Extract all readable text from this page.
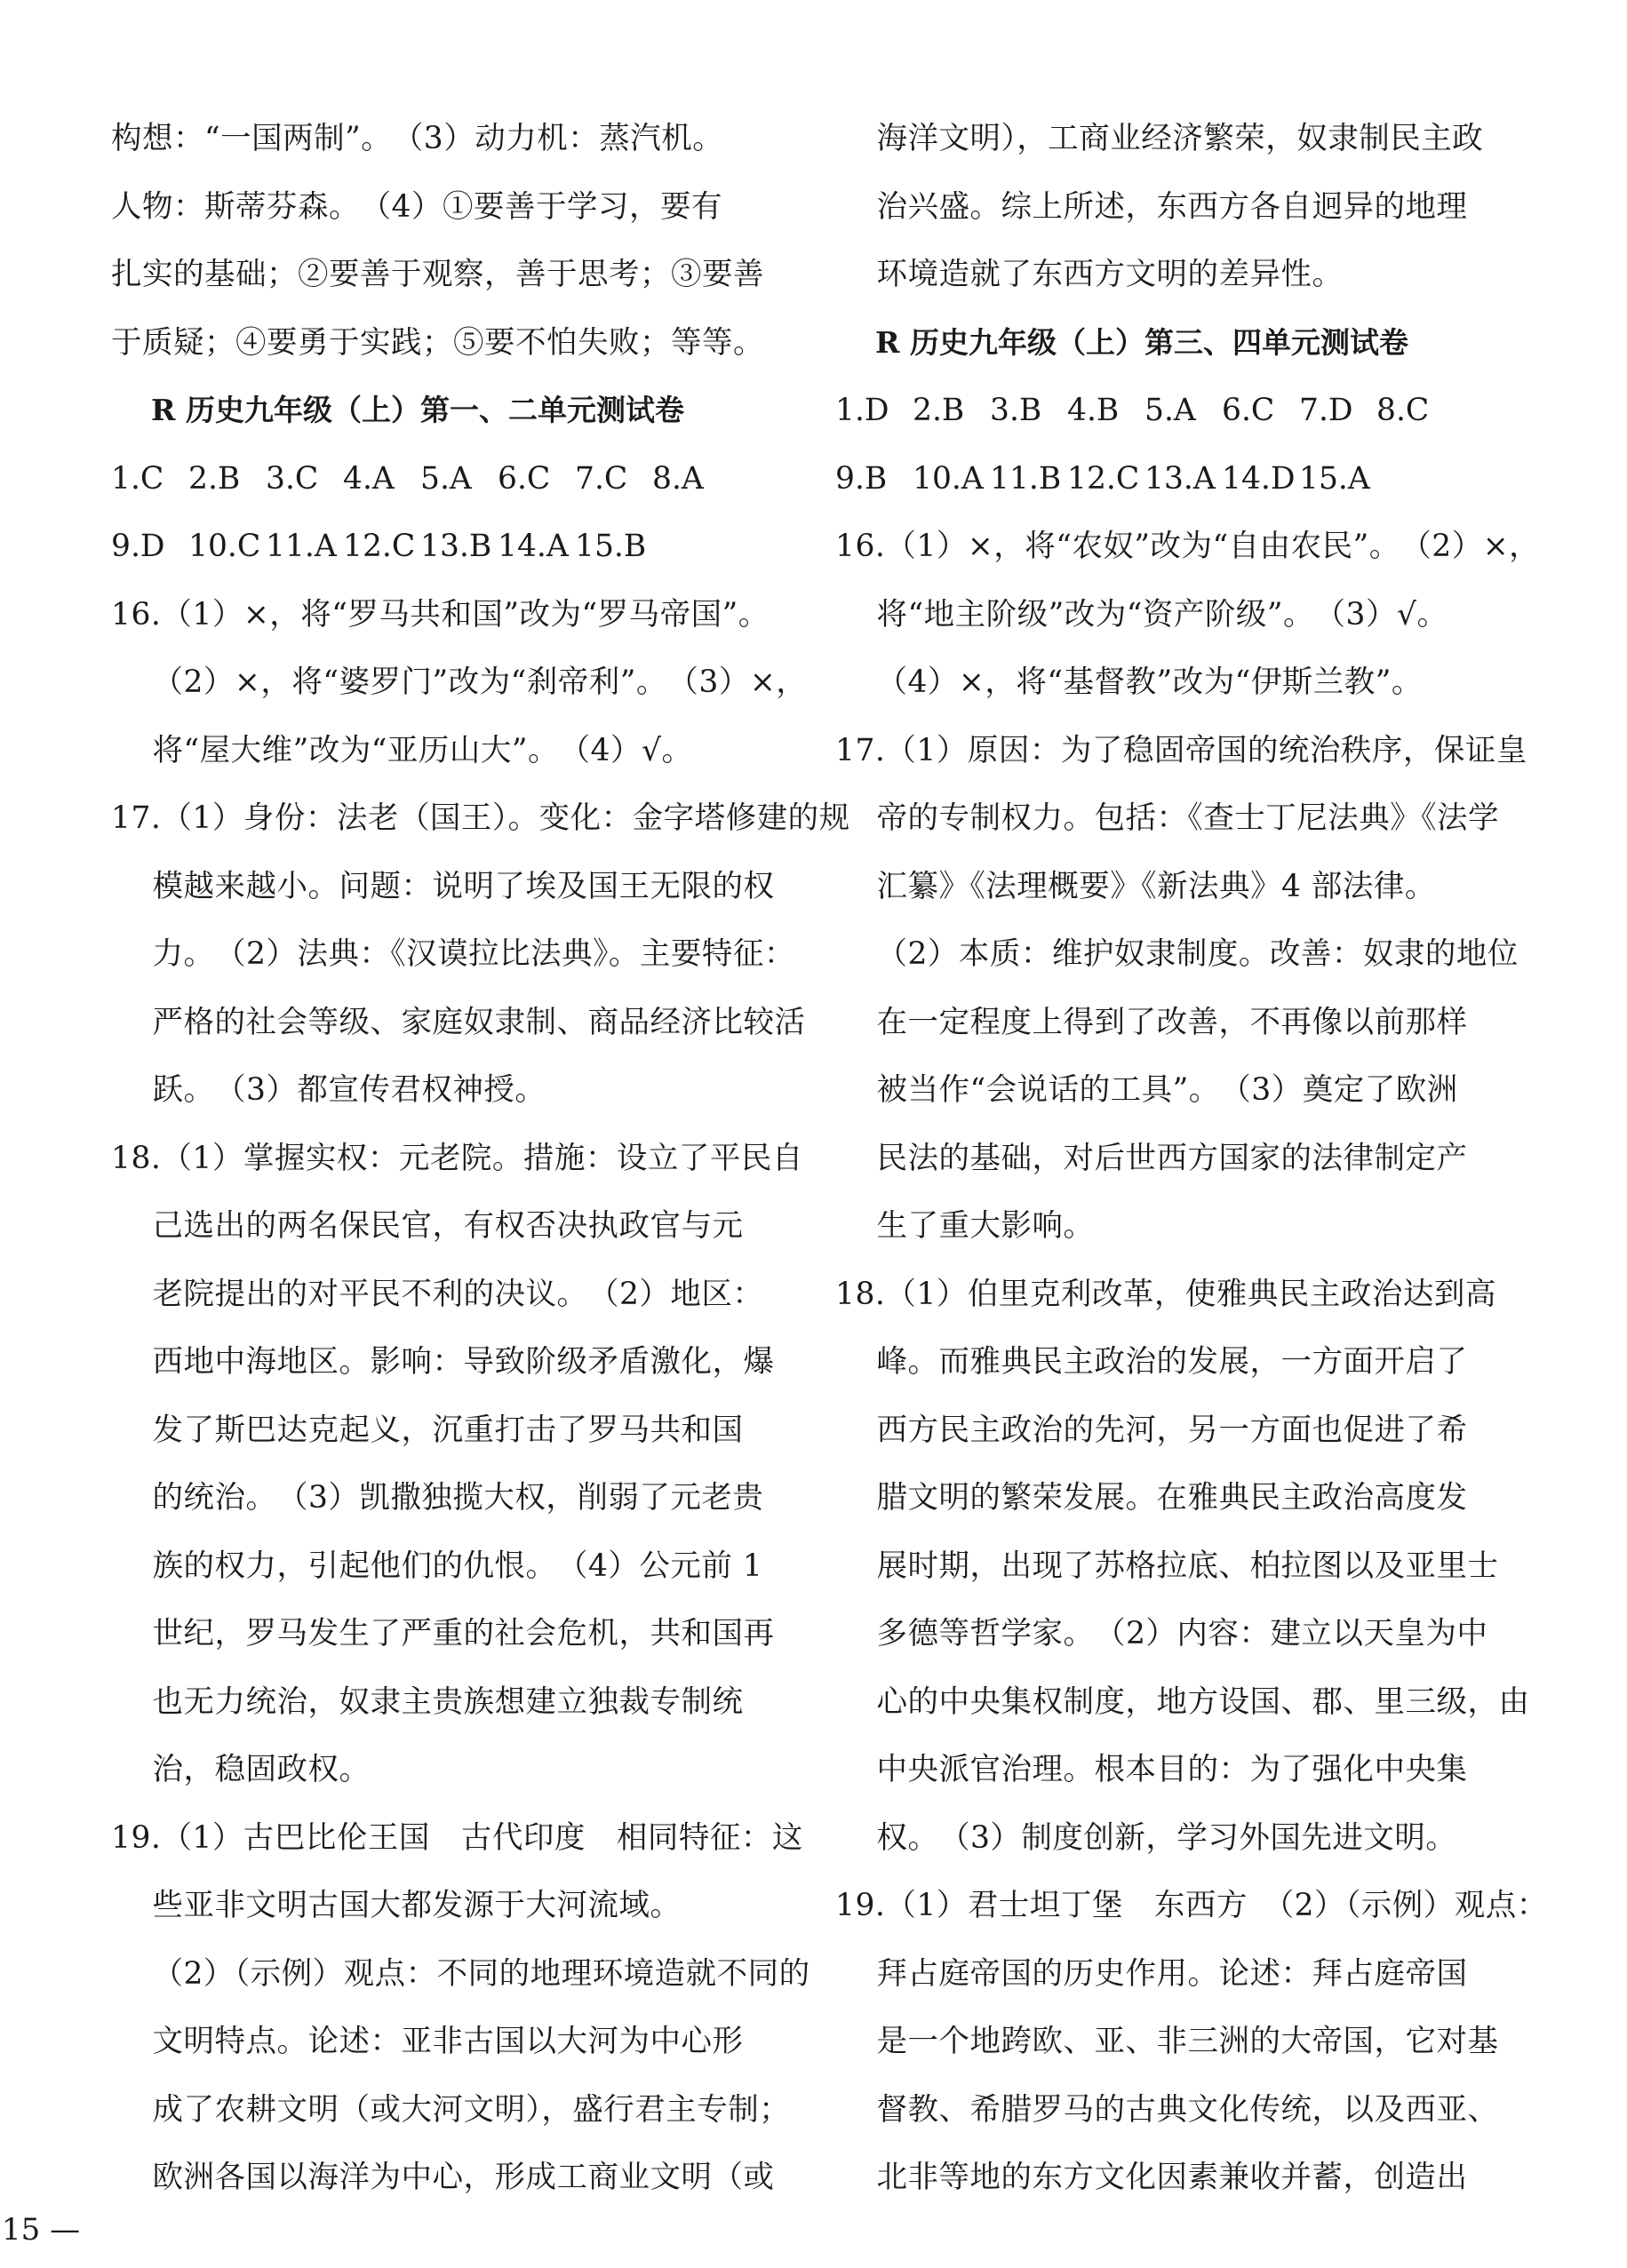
构想：“一国两制”。　（3）动力机：蒸汽机。
人物：斯蒂芬森。　（4）①要善于学习，要有
扎实的基础；②要善于观察，善于思考；③要善
于质疑；④要勇于实践；⑤要不怕失败；等等。
R 历史九年级（上）第一、二单元测试卷
1.C 2.B 3.C 4.A 5.A 6.C 7.C 8.A
9.D 10.C 11.A 12.C 13.B 14.A 15.B
16.（1）×，将“罗马共和国”改为“罗马帝国”。
　 （2）×，将“婆罗门”改为“刹帝利”。　（3）×，
　 将“屋大维”改为“亚历山大”。　（4）√。
17.（1）身份：法老（国王）。变化：金字塔修建的规
　 模越来越小。问题：说明了埃及国王无限的权
　 力。　（2）法典：《汉谟拉比法典》。主要特征：
　 严格的社会等级、家庭奴隶制、商品经济比较活
　 跃。　（3）都宣传君权神授。
18.（1）掌握实权：元老院。措施：设立了平民自
　 己选出的两名保民官，有权否决执政官与元
　 老院提出的对平民不利的决议。　（2）地区：
　 西地中海地区。影响：导致阶级矛盾激化，爆
　 发了斯巴达克起义，沉重打击了罗马共和国
　 的统治。　（3）凯撒独揽大权，削弱了元老贵
　 族的权力，引起他们的仇恨。　（4）公元前 1
　 世纪，罗马发生了严重的社会危机，共和国再
　 也无力统治，奴隶主贵族想建立独裁专制统
　 治，稳固政权。
19.（1）古巴比伦王国　古代印度　相同特征：这
　 些亚非文明古国大都发源于大河流域。
　 （2）（示例）观点：不同的地理环境造就不同的
　 文明特点。论述：亚非古国以大河为中心形
　 成了农耕文明（或大河文明），盛行君主专制；
　 欧洲各国以海洋为中心，形成工商业文明（或
　 海洋文明），工商业经济繁荣，奴隶制民主政
　 治兴盛。综上所述，东西方各自迥异的地理
　 环境造就了东西方文明的差异性。
R 历史九年级（上）第三、四单元测试卷
1.D 2.B 3.B 4.B 5.A 6.C 7.D 8.C
9.B 10.A 11.B 12.C 13.A 14.D 15.A
16.（1）×，将“农奴”改为“自由农民”。　（2）×，
　 将“地主阶级”改为“资产阶级”。　（3）√。
　 （4）×，将“基督教”改为“伊斯兰教”。
17.（1）原因：为了稳固帝国的统治秩序，保证皇
　 帝的专制权力。包括：《查士丁尼法典》《法学
　 汇纂》《法理概要》《新法典》4 部法律。
　 （2）本质：维护奴隶制度。改善：奴隶的地位
　 在一定程度上得到了改善，不再像以前那样
　 被当作“会说话的工具”。　（3）奠定了欧洲
　 民法的基础，对后世西方国家的法律制定产
　 生了重大影响。
18.（1）伯里克利改革，使雅典民主政治达到高
　 峰。而雅典民主政治的发展，一方面开启了
　 西方民主政治的先河，另一方面也促进了希
　 腊文明的繁荣发展。在雅典民主政治高度发
　 展时期，出现了苏格拉底、柏拉图以及亚里士
　 多德等哲学家。　（2）内容：建立以天皇为中
　 心的中央集权制度，地方设国、郡、里三级，由
　 中央派官治理。根本目的：为了强化中央集
　 权。　（3）制度创新，学习外国先进文明。
19.（1）君士坦丁堡　东西方　（2）（示例）观点：
　 拜占庭帝国的历史作用。论述：拜占庭帝国
　 是一个地跨欧、亚、非三洲的大帝国，它对基
　 督教、希腊罗马的古典文化传统，以及西亚、
　 北非等地的东方文化因素兼收并蓄，创造出
15 —
